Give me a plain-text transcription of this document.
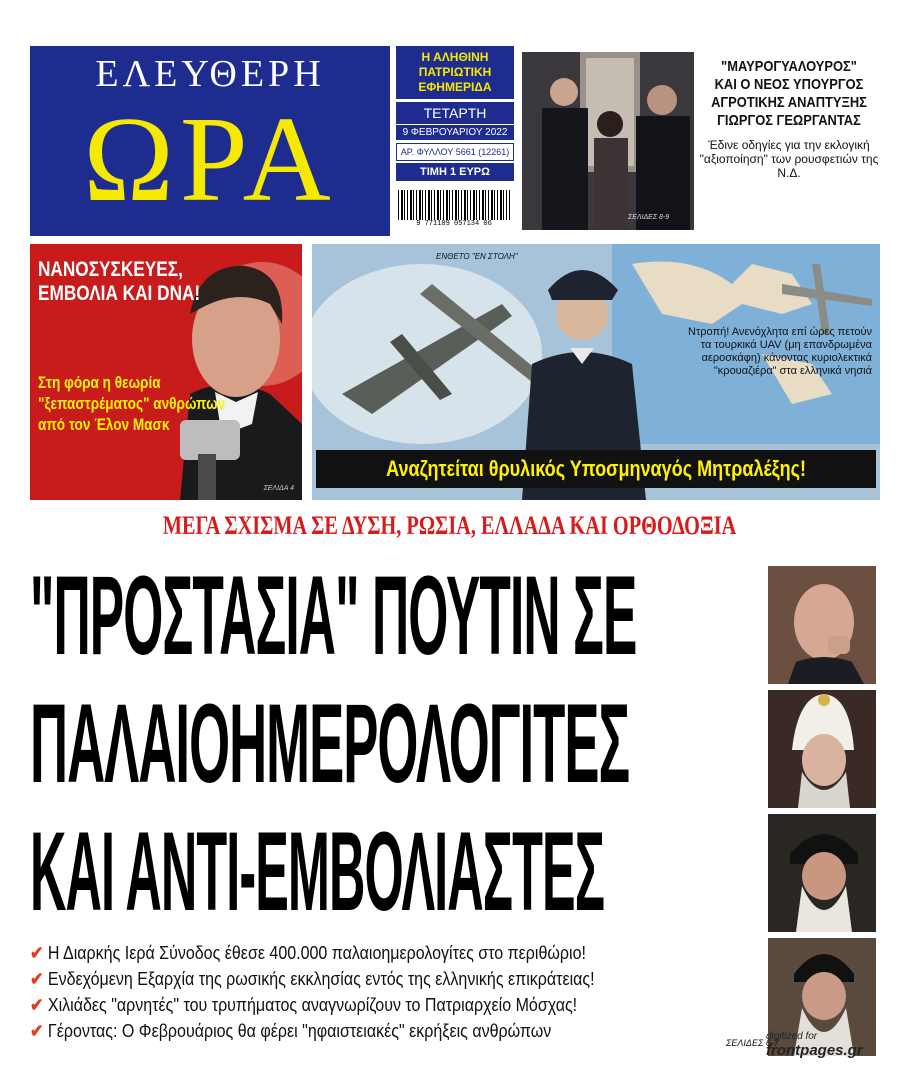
ΕΛΕΥΘΕΡΗ
ΩΡΑ
Η ΑΛΗΘΙΝΗ ΠΑΤΡΙΩΤΙΚΗ ΕΦΗΜΕΡΙΔΑ
ΤΕΤΑΡΤΗ
9 ΦΕΒΡΟΥΑΡΙΟΥ 2022
ΑΡ. ΦΥΛΛΟΥ 5661 (12261)
ΤΙΜΗ 1 ΕΥΡΩ
9 771109 057134 06
ΣΕΛΙΔΕΣ 8-9
"ΜΑΥΡΟΓΥΑΛΟΥΡΟΣ" ΚΑΙ Ο ΝΕΟΣ ΥΠΟΥΡΓΟΣ ΑΓΡΟΤΙΚΗΣ ΑΝΑΠΤΥΞΗΣ ΓΙΩΡΓΟΣ ΓΕΩΡΓΑΝΤΑΣ
Έδινε οδηγίες για την εκλογική "αξιοποίηση" των ρουσφετιών της Ν.Δ.
ΝΑΝΟΣΥΣΚΕΥΕΣ, ΕΜΒΟΛΙΑ ΚΑΙ DNA!
Στη φόρα η θεωρία "ξεπαστρέματος" ανθρώπων από τον Έλον Μασκ
ΣΕΛΙΔΑ 4
ΕΝΘΕΤΟ "ΕΝ ΣΤΟΛΗ"
Ντροπή! Ανενόχλητα επί ώρες πετούν τα τουρκικά UAV (μη επανδρωμένα αεροσκάφη) κάνοντας κυριολεκτικά "κρουαζιέρα" στα ελληνικά νησιά
Αναζητείται θρυλικός Υποσμηναγός Μητραλέξης!
ΜΕΓΑ ΣΧΙΣΜΑ ΣΕ ΔΥΣΗ, ΡΩΣΙΑ, ΕΛΛΑΔΑ ΚΑΙ ΟΡΘΟΔΟΞΙΑ
"ΠΡΟΣΤΑΣΙΑ" ΠΟΥΤΙΝ ΣΕ
ΠΑΛΑΙΟΗΜΕΡΟΛΟΓΙΤΕΣ
ΚΑΙ ΑΝΤΙ-ΕΜΒΟΛΙΑΣΤΕΣ
✔ Η Διαρκής Ιερά Σύνοδος έθεσε 400.000 παλαιοημερολογίτες στο περιθώριο!
✔ Ενδεχόμενη Εξαρχία της ρωσικής εκκλησίας εντός της ελληνικής επικράτειας!
✔ Χιλιάδες "αρνητές" του τρυπήματος αναγνωρίζουν το Πατριαρχείο Μόσχας!
✔ Γέροντας: Ο Φεβρουάριος θα φέρει "ηφαιστειακές" εκρήξεις ανθρώπων
ΣΕΛΙΔΕΣ 6-7
digitized for
frontpages.gr
